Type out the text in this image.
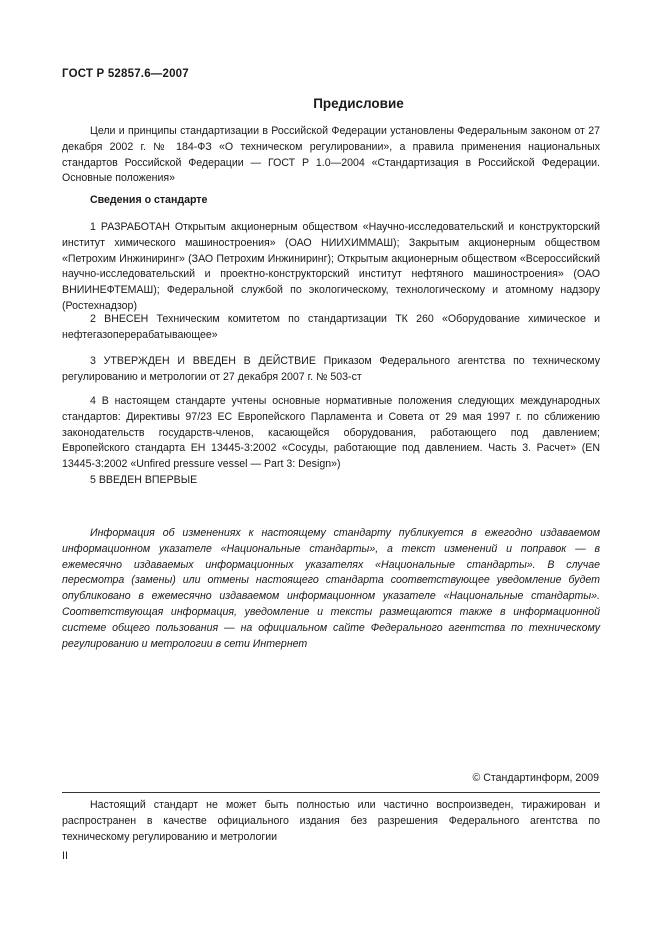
ГОСТ Р 52857.6—2007
Предисловие

Цели и принципы стандартизации в Российской Федерации установлены Федеральным законом от 27 декабря 2002 г. № 184-ФЗ «О техническом регулировании», а правила применения национальных стандартов Российской Федерации — ГОСТ Р 1.0—2004 «Стандартизация в Российской Федерации. Основные положения»

Сведения о стандарте

1 РАЗРАБОТАН Открытым акционерным обществом «Научно-исследовательский и конструкторский институт химического машиностроения» (ОАО НИИХИММАШ); Закрытым акционерным обществом «Петрохим Инжиниринг» (ЗАО Петрохим Инжиниринг); Открытым акционерным обществом «Всероссийский научно-исследовательский и проектно-конструкторский институт нефтяного машиностроения» (ОАО ВНИИНЕФТЕМАШ); Федеральной службой по экологическому, технологическому и атомному надзору (Ростехнадзор)

2 ВНЕСЕН Техническим комитетом по стандартизации ТК 260 «Оборудование химическое и нефтегазоперерабатывающее»

3 УТВЕРЖДЕН И ВВЕДЕН В ДЕЙСТВИЕ Приказом Федерального агентства по техническому регулированию и метрологии от 27 декабря 2007 г. № 503-ст

4 В настоящем стандарте учтены основные нормативные положения следующих международных стандартов: Директивы 97/23 ЕС Европейского Парламента и Совета от 29 мая 1997 г. по сближению законодательств государств-членов, касающейся оборудования, работающего под давлением; Европейского стандарта ЕН 13445-3:2002 «Сосуды, работающие под давлением. Часть 3. Расчет» (EN 13445-3:2002 «Unfired pressure vessel — Part 3: Design»)

5 ВВЕДЕН ВПЕРВЫЕ

Информация об изменениях к настоящему стандарту публикуется в ежегодно издаваемом информационном указателе «Национальные стандарты», а текст изменений и поправок — в ежемесячно издаваемых информационных указателях «Национальные стандарты». В случае пересмотра (замены) или отмены настоящего стандарта соответствующее уведомление будет опубликовано в ежемесячно издаваемом информационном указателе «Национальные стандарты». Соответствующая информация, уведомление и тексты размещаются также в информационной системе общего пользования — на официальном сайте Федерального агентства по техническому регулированию и метрологии в сети Интернет

© Стандартинформ, 2009

Настоящий стандарт не может быть полностью или частично воспроизведен, тиражирован и распространен в качестве официального издания без разрешения Федерального агентства по техническому регулированию и метрологии

II
